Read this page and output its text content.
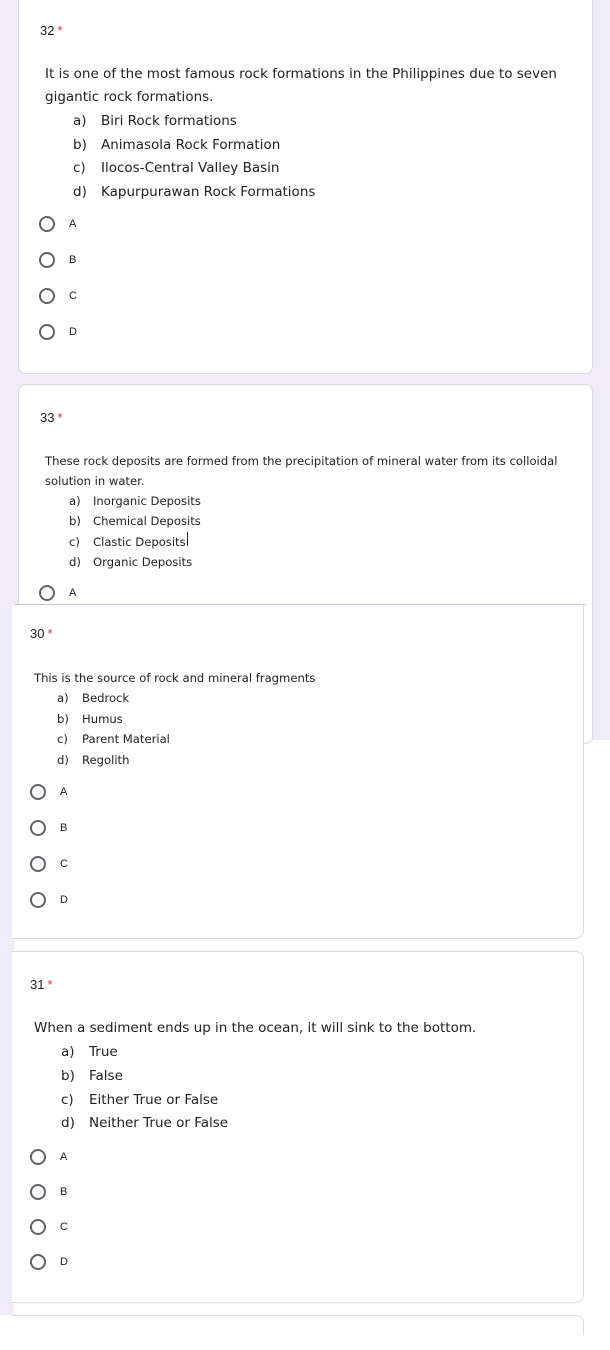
32 *
It is one of the most famous rock formations in the Philippines due to seven
gigantic rock formations.
a)	Biri Rock formations
b)	Animasola Rock Formation
c)	Ilocos-Central Valley Basin
d)	Kapurpurawan Rock Formations
A
B
C
D
33 *
These rock deposits are formed from the precipitation of mineral water from its colloidal
solution in water.
a)	Inorganic Deposits
b)	Chemical Deposits
c)	Clastic Deposits
d)	Organic Deposits
A
30 *
This is the source of rock and mineral fragments
a)	Bedrock
b)	Humus
c)	Parent Material
d)	Regolith
A
B
C
D
31 *
When a sediment ends up in the ocean, it will sink to the bottom.
a)	True
b)	False
c)	Either True or False
d)	Neither True or False
A
B
C
D
